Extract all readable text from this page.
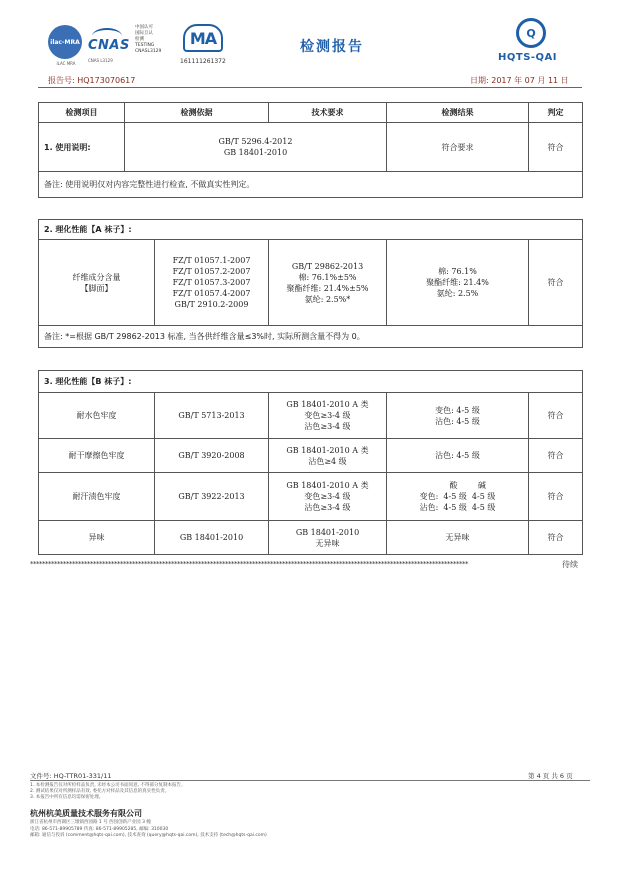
ilac-MRA
ILAC MRA
CNAS
CNAS L3129
中国认可
国际互认
检测
TESTING
CNASL3129
MA
161111261372
检测报告
Q
HQTS-QAI
报告号: HQ173070617	日期: 2017 年 07 月 11 日
检测项目	检测依据	技术要求	检测结果	判定
1. 使用说明:	GB/T 5296.4-2012
GB 18401-2010		符合要求	符合
备注: 使用说明仅对内容完整性进行检查, 不做真实性判定。				
2. 理化性能【A 袜子】:
纤维成分含量
【脚面】	FZ/T 01057.1-2007
FZ/T 01057.2-2007
FZ/T 01057.3-2007
FZ/T 01057.4-2007
GB/T 2910.2-2009	GB/T 29862-2013
棉: 76.1%±5%
聚酯纤维: 21.4%±5%
氨纶: 2.5%*	棉: 76.1%
聚酯纤维: 21.4%
氨纶: 2.5%	符合
备注: *=根据 GB/T 29862-2013 标准, 当各供纤维含量≤3%时, 实际所测含量不得为 0。
3. 理化性能【B 袜子】:				
耐水色牢度	GB/T 5713-2013	GB 18401-2010 A 类
变色≥3-4 级
沾色≥3-4 级	变色: 4-5 级
沾色: 4-5 级	符合
耐干摩擦色牢度	GB/T 3920-2008	GB 18401-2010 A 类
沾色≥4 级	沾色: 4-5 级	符合
耐汗渍色牢度	GB/T 3922-2013	GB 18401-2010 A 类
变色≥3-4 级
沾色≥3-4 级	酸        碱
变色:  4-5 级  4-5 级
沾色:  4-5 级  4-5 级	符合
异味	GB 18401-2010	GB 18401-2010
无异味	无异味	符合
**************************************************************************************************************************************************	待续
文件号: HQ-TTR01-331/11	第 4 页 共 6 页
1. 本检测报告仅对所检样品负责, 未经本公司书面同意, 不得部分复制本报告。
2. 测试结果仅对所测样品有效, 委托方对样品及其信息的真实性负责。
3. 本报告中所有信息均需保密处理。
杭州杭美质量技术服务有限公司
浙江省杭州市西湖区三墩镇西园路 1 号 西园创新产业园 3 幢
电话: 86-571-89905789 传真: 86-571-89905285, 邮编: 310030
邮箱: 通信与投诉 (comment@hqts-qai.com), 技术查询 (query@hqts-qai.com), 技术支持 (tech@hqts-qai.com)
